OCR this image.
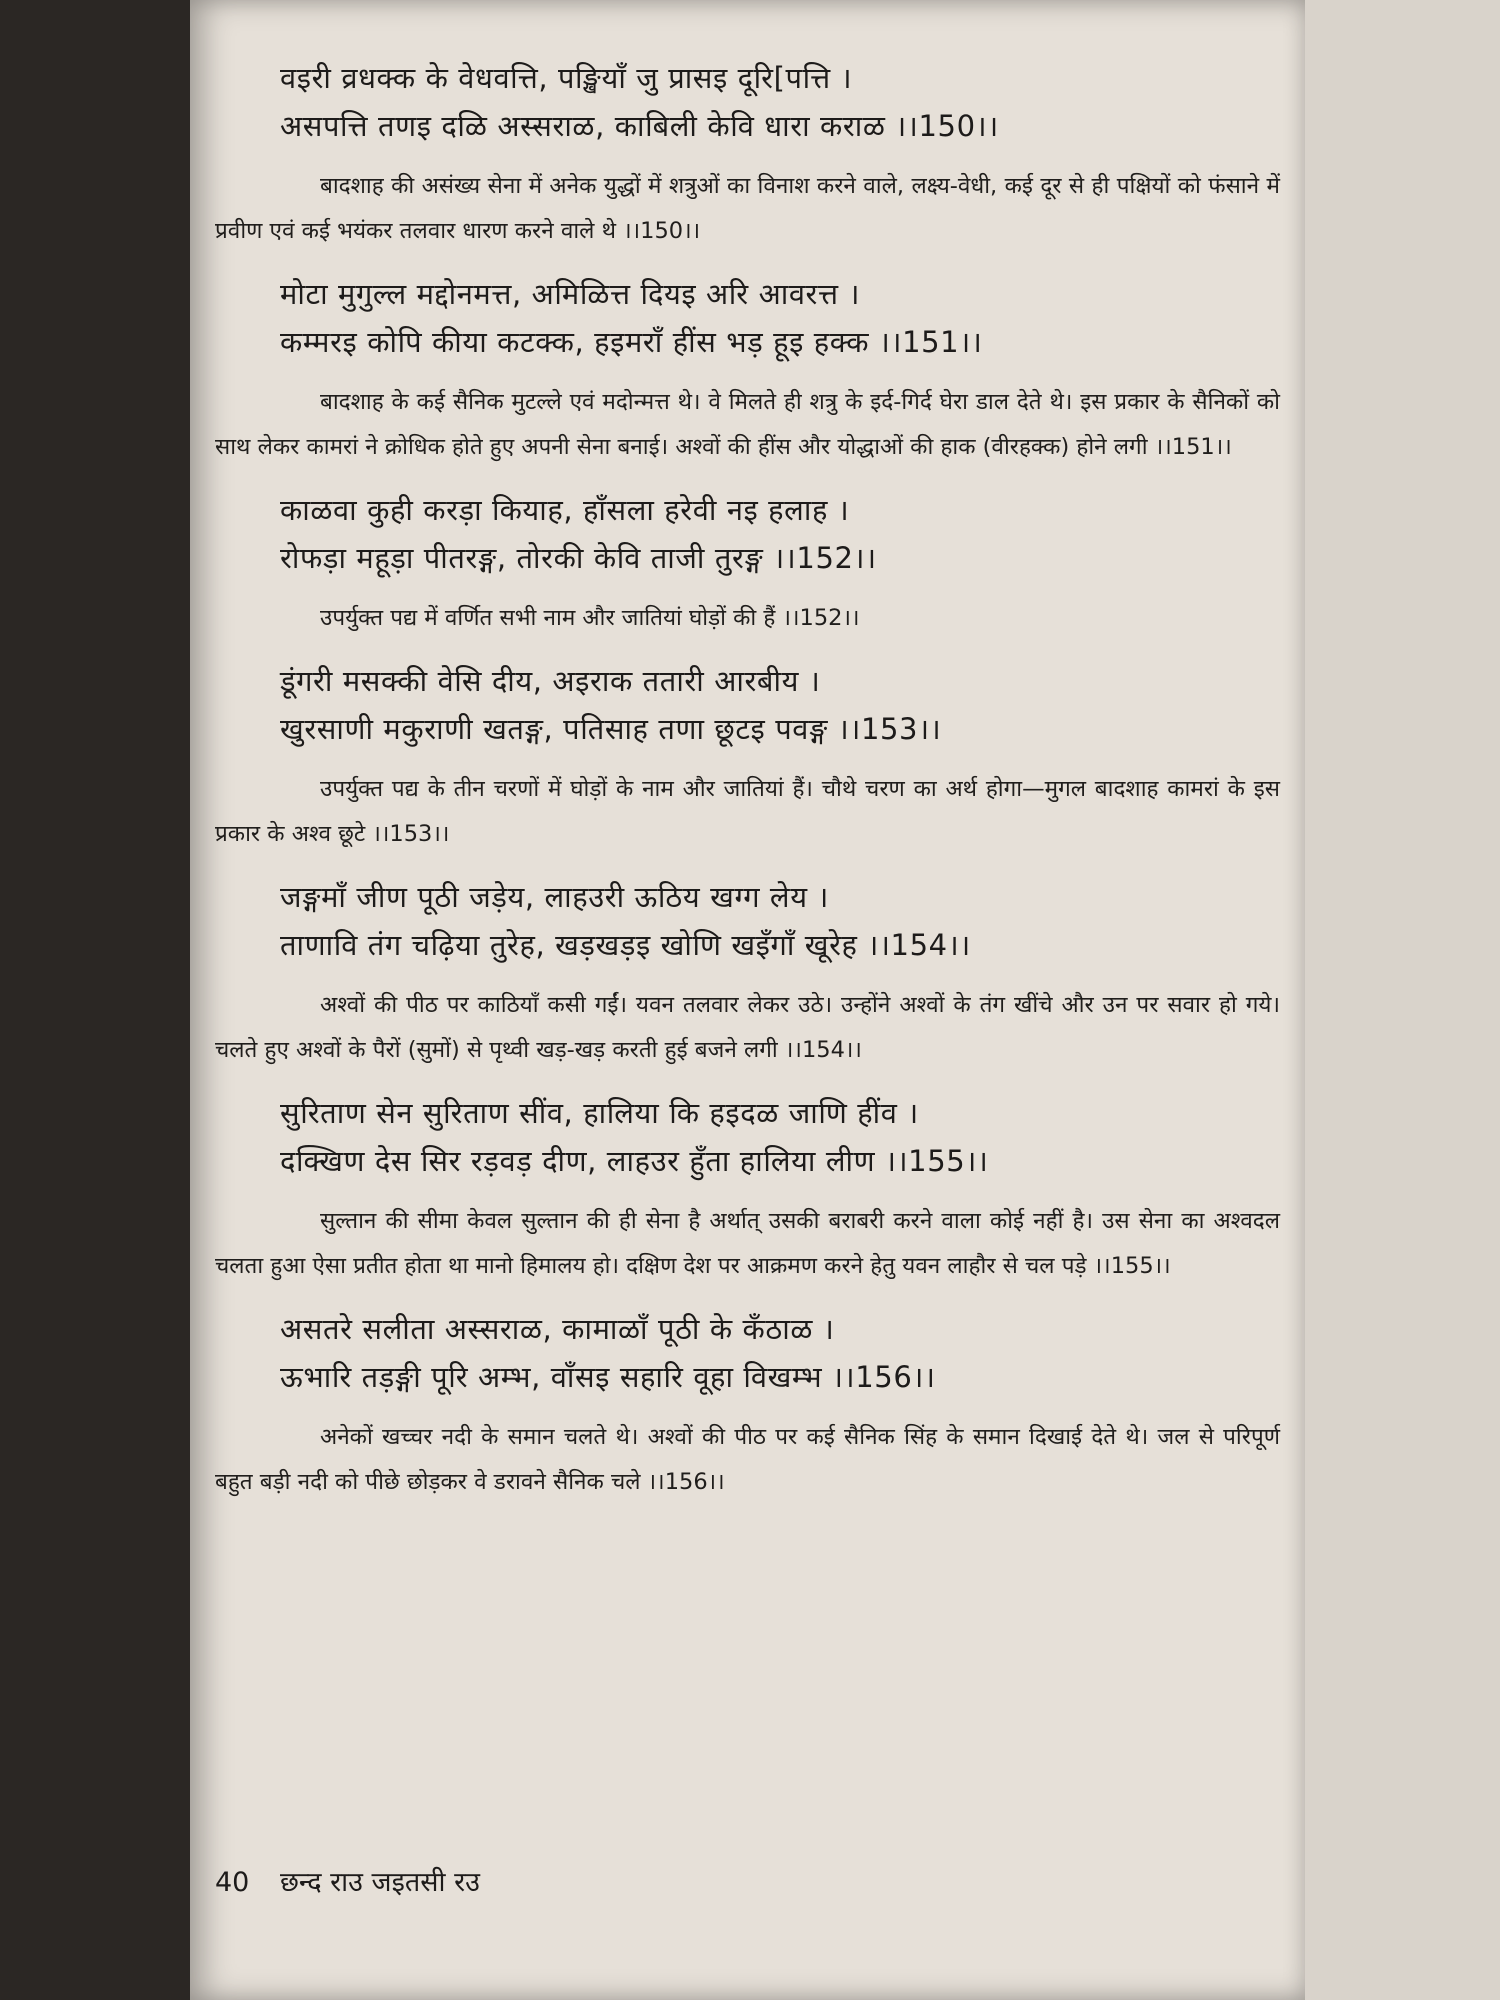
वइरी व्रधक्क के वेधवत्ति, पङ्खियाँ जु प्रासइ दूरि[पत्ति ।
असपत्ति तणइ दळि अस्सराळ, काबिली केवि धारा कराळ ।।150।।
बादशाह की असंख्य सेना में अनेक युद्धों में शत्रुओं का विनाश करने वाले, लक्ष्य-वेधी, कई दूर से ही पक्षियों को फंसाने में प्रवीण एवं कई भयंकर तलवार धारण करने वाले थे ।।150।।
मोटा मुगुल्ल मद्दोनमत्त, अमिळित्त दियइ अरि आवरत्त ।
कम्मरइ कोपि कीया कटक्क, हइमराँ हींस भड़ हूइ हक्क ।।151।।
बादशाह के कई सैनिक मुटल्ले एवं मदोन्मत्त थे। वे मिलते ही शत्रु के इर्द-गिर्द घेरा डाल देते थे। इस प्रकार के सैनिकों को साथ लेकर कामरां ने क्रोधिक होते हुए अपनी सेना बनाई। अश्वों की हींस और योद्धाओं की हाक (वीरहक्क) होने लगी ।।151।।
काळवा कुही करड़ा कियाह, हाँसला हरेवी नइ हलाह ।
रोफड़ा महूड़ा पीतरङ्ग, तोरकी केवि ताजी तुरङ्ग ।।152।।
उपर्युक्त पद्य में वर्णित सभी नाम और जातियां घोड़ों की हैं ।।152।।
डूंगरी मसक्की वेसि दीय, अइराक ततारी आरबीय ।
खुरसाणी मकुराणी खतङ्ग, पतिसाह तणा छूटइ पवङ्ग ।।153।।
उपर्युक्त पद्य के तीन चरणों में घोड़ों के नाम और जातियां हैं। चौथे चरण का अर्थ होगा—मुगल बादशाह कामरां के इस प्रकार के अश्व छूटे ।।153।।
जङ्गमाँ जीण पूठी जड़ेय, लाहउरी ऊठिय खग्ग लेय ।
ताणावि तंग चढ़िया तुरेह, खड़खड़इ खोणि खइँगाँ खूरेह ।।154।।
अश्वों की पीठ पर काठियाँ कसी गईं। यवन तलवार लेकर उठे। उन्होंने अश्वों के तंग खींचे और उन पर सवार हो गये। चलते हुए अश्वों के पैरों (सुमों) से पृथ्वी खड़-खड़ करती हुई बजने लगी ।।154।।
सुरिताण सेन सुरिताण सींव, हालिया कि हइदळ जाणि हींव ।
दक्खिण देस सिर रड़वड़ दीण, लाहउर हुँता हालिया लीण ।।155।।
सुल्तान की सीमा केवल सुल्तान की ही सेना है अर्थात् उसकी बराबरी करने वाला कोई नहीं है। उस सेना का अश्वदल चलता हुआ ऐसा प्रतीत होता था मानो हिमालय हो। दक्षिण देश पर आक्रमण करने हेतु यवन लाहौर से चल पड़े ।।155।।
असतरे सलीता अस्सराळ, कामाळाँ पूठी के कँठाळ ।
ऊभारि तड़ङ्गी पूरि अम्भ, वाँसइ सहारि वूहा विखम्भ ।।156।।
अनेकों खच्चर नदी के समान चलते थे। अश्वों की पीठ पर कई सैनिक सिंह के समान दिखाई देते थे। जल से परिपूर्ण बहुत बड़ी नदी को पीछे छोड़कर वे डरावने सैनिक चले ।।156।।
40 छन्द राउ जइतसी रउ
